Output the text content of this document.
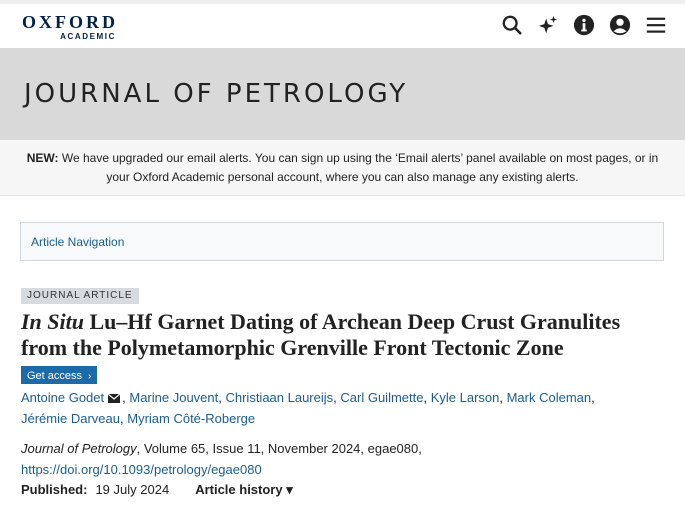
OXFORD
ACADEMIC
JOURNAL OF PETROLOGY
NEW: We have upgraded our email alerts. You can sign up using the ‘Email alerts’ panel available on most pages, or in your Oxford Academic personal account, where you can also manage any existing alerts.
Article Navigation
JOURNAL ARTICLE
In Situ Lu–Hf Garnet Dating of Archean Deep Crust Granulites from the Polymetamorphic Grenville Front Tectonic Zone
Get access ›
Antoine Godet , Marine Jouvent, Christiaan Laureijs, Carl Guilmette, Kyle Larson, Mark Coleman,
Jérémie Darveau, Myriam Côté-Roberge
Journal of Petrology, Volume 65, Issue 11, November 2024, egae080,
https://doi.org/10.1093/petrology/egae080
Published: 19 July 2024 Article history ▾
